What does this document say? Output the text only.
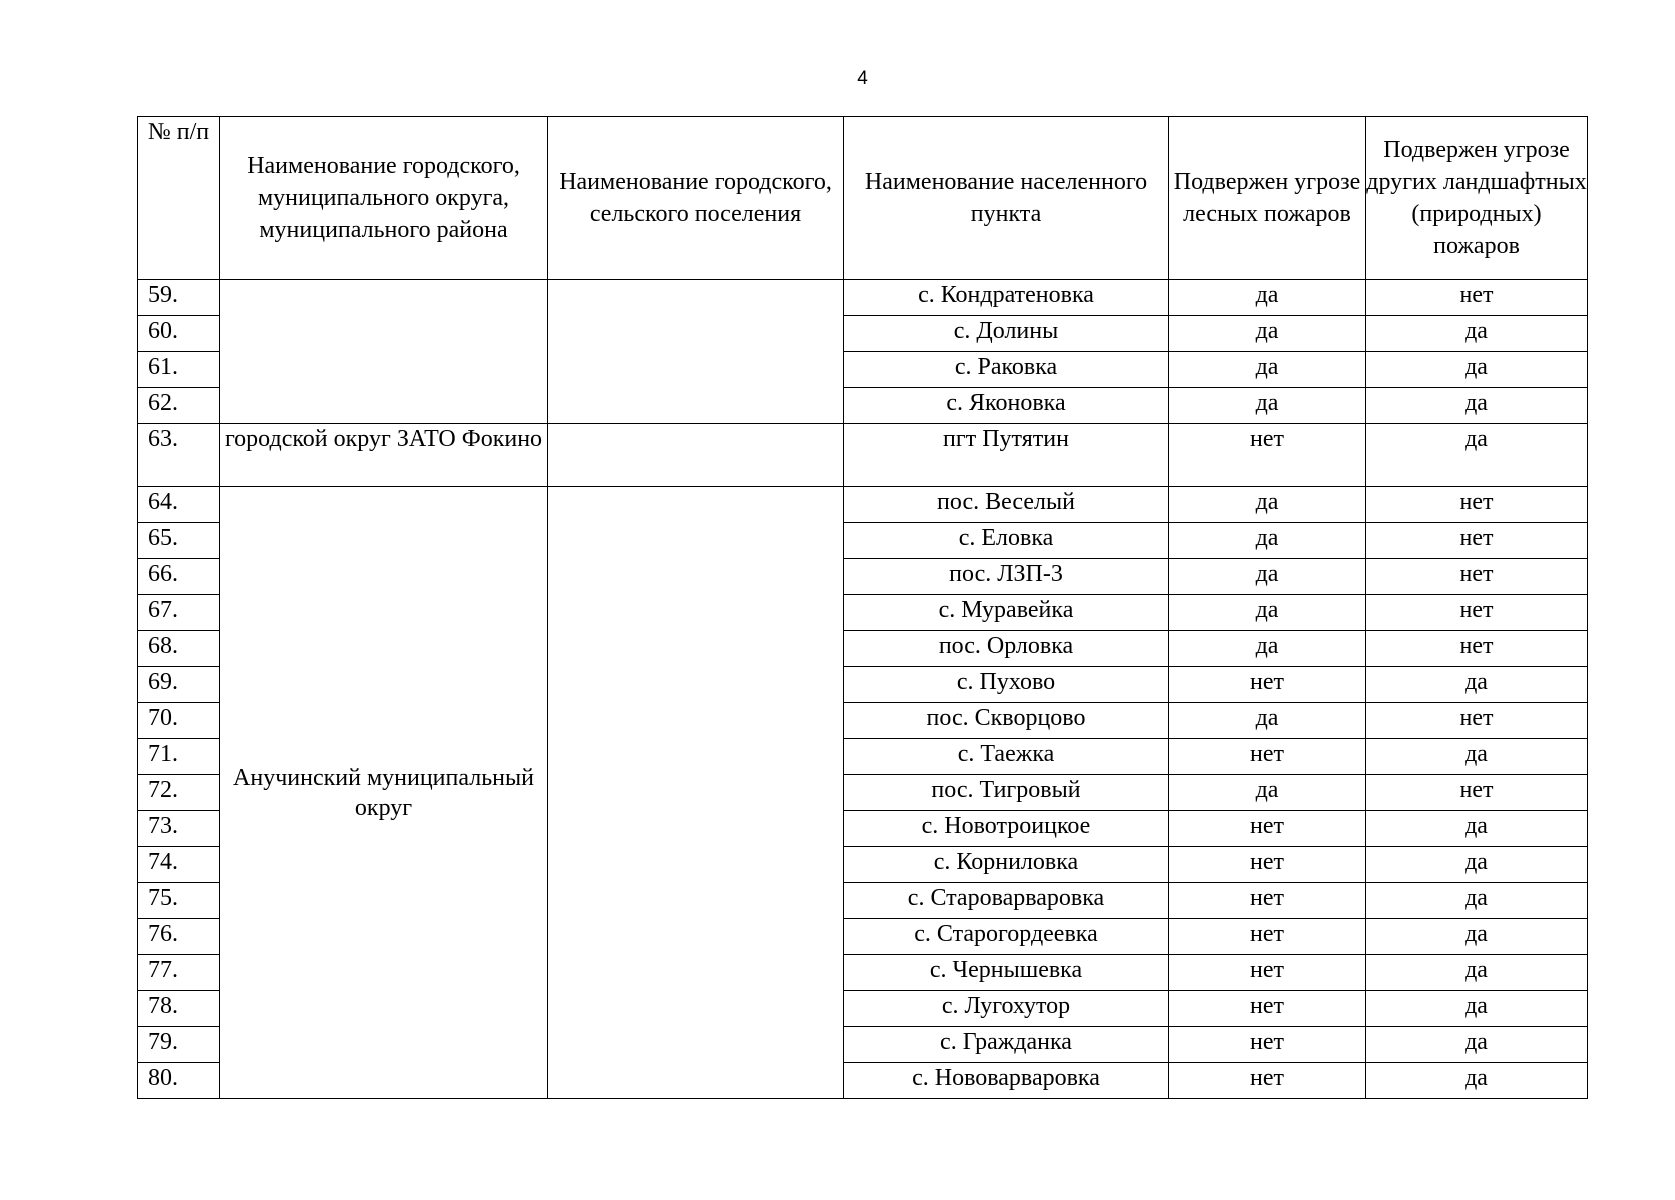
4
№ п/п	Наименование городского, муниципального округа, муниципального района	Наименование городского, сельского поселения	Наименование населенного пункта	Подвержен угрозе лесных пожаров	Подвержен угрозе других ландшафтных (природных) пожаров
59.			с. Кондратеновка	да	нет
60.			с. Долины	да	да
61.			с. Раковка	да	да
62.			с. Яконовка	да	да
63.	городской округ ЗАТО Фокино		пгт Путятин	нет	да
64.	Анучинский муниципальный округ		пос. Веселый	да	нет
65.			с. Еловка	да	нет
66.			пос. ЛЗП-3	да	нет
67.			с. Муравейка	да	нет
68.			пос. Орловка	да	нет
69.			с. Пухово	нет	да
70.			пос. Скворцово	да	нет
71.			с. Таежка	нет	да
72.			пос. Тигровый	да	нет
73.			с. Новотроицкое	нет	да
74.			с. Корниловка	нет	да
75.			с. Староварваровка	нет	да
76.			с. Старогордеевка	нет	да
77.			с. Чернышевка	нет	да
78.			с. Лугохутор	нет	да
79.			с. Гражданка	нет	да
80.			с. Нововарваровка	нет	да
